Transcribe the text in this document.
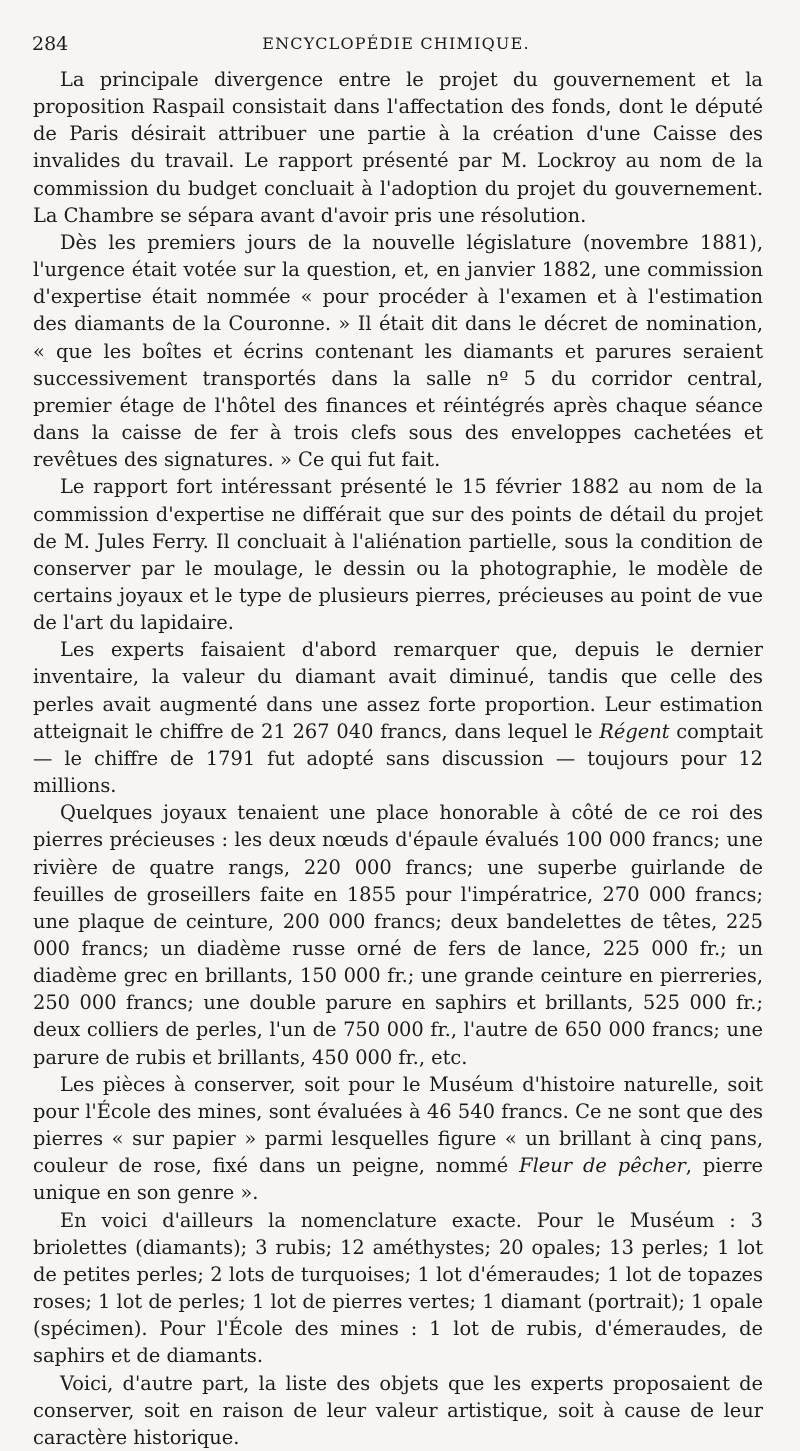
284	ENCYCLOPÉDIE CHIMIQUE.

La principale divergence entre le projet du gouvernement et la proposition Raspail consistait dans l'affectation des fonds, dont le député de Paris désirait attribuer une partie à la création d'une Caisse des invalides du travail. Le rapport présenté par M. Lockroy au nom de la commission du budget concluait à l'adoption du projet du gouvernement. La Chambre se sépara avant d'avoir pris une résolution.

Dès les premiers jours de la nouvelle législature (novembre 1881), l'urgence était votée sur la question, et, en janvier 1882, une commission d'expertise était nommée « pour procéder à l'examen et à l'estimation des diamants de la Couronne. » Il était dit dans le décret de nomination, « que les boîtes et écrins contenant les diamants et parures seraient successivement transportés dans la salle nº 5 du corridor central, premier étage de l'hôtel des finances et réintégrés après chaque séance dans la caisse de fer à trois clefs sous des enveloppes cachetées et revêtues des signatures. » Ce qui fut fait.

Le rapport fort intéressant présenté le 15 février 1882 au nom de la commission d'expertise ne différait que sur des points de détail du projet de M. Jules Ferry. Il concluait à l'aliénation partielle, sous la condition de conserver par le moulage, le dessin ou la photographie, le modèle de certains joyaux et le type de plusieurs pierres, précieuses au point de vue de l'art du lapidaire.

Les experts faisaient d'abord remarquer que, depuis le dernier inventaire, la valeur du diamant avait diminué, tandis que celle des perles avait augmenté dans une assez forte proportion. Leur estimation atteignait le chiffre de 21 267 040 francs, dans lequel le Régent comptait — le chiffre de 1791 fut adopté sans discussion — toujours pour 12 millions.

Quelques joyaux tenaient une place honorable à côté de ce roi des pierres précieuses : les deux nœuds d'épaule évalués 100 000 francs; une rivière de quatre rangs, 220 000 francs; une superbe guirlande de feuilles de groseillers faite en 1855 pour l'impératrice, 270 000 francs; une plaque de ceinture, 200 000 francs; deux bandelettes de têtes, 225 000 francs; un diadème russe orné de fers de lance, 225 000 fr.; un diadème grec en brillants, 150 000 fr.; une grande ceinture en pierreries, 250 000 francs; une double parure en saphirs et brillants, 525 000 fr.; deux colliers de perles, l'un de 750 000 fr., l'autre de 650 000 francs; une parure de rubis et brillants, 450 000 fr., etc.

Les pièces à conserver, soit pour le Muséum d'histoire naturelle, soit pour l'École des mines, sont évaluées à 46 540 francs. Ce ne sont que des pierres « sur papier » parmi lesquelles figure « un brillant à cinq pans, couleur de rose, fixé dans un peigne, nommé Fleur de pêcher, pierre unique en son genre ».

En voici d'ailleurs la nomenclature exacte. Pour le Muséum : 3 briolettes (diamants); 3 rubis; 12 améthystes; 20 opales; 13 perles; 1 lot de petites perles; 2 lots de turquoises; 1 lot d'émeraudes; 1 lot de topazes roses; 1 lot de perles; 1 lot de pierres vertes; 1 diamant (portrait); 1 opale (spécimen). Pour l'École des mines : 1 lot de rubis, d'émeraudes, de saphirs et de diamants.

Voici, d'autre part, la liste des objets que les experts proposaient de conserver, soit en raison de leur valeur artistique, soit à cause de leur caractère historique.
